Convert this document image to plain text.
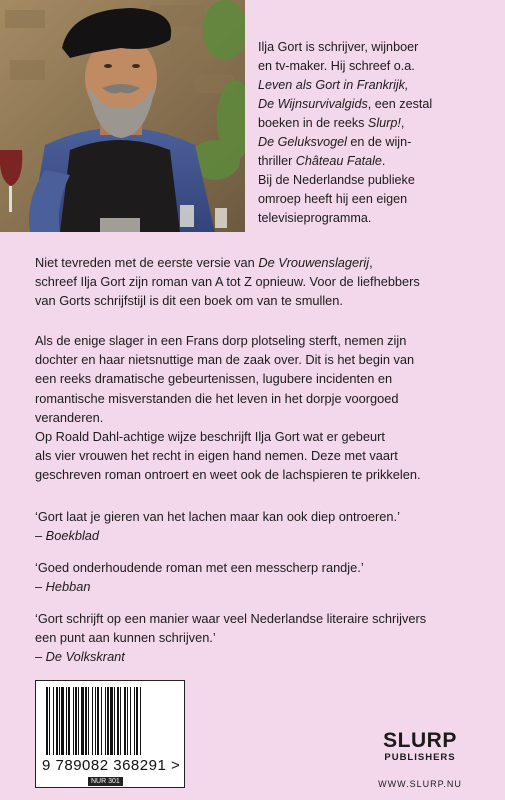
Ilja Gort is schrijver, wijnboer

en tv-maker. Hij schreef o.a.

Leven als Gort in Frankrijk,

De Wijnsurvivalgids, een zestal

boeken in de reeks Slurp!,

De Geluksvogel en de wijn-

thriller Château Fatale.

Bij de Nederlandse publieke

omroep heeft hij een eigen

televisieprogramma.

Niet tevreden met de eerste versie van De Vrouwenslagerij,

schreef Ilja Gort zijn roman van A tot Z opnieuw. Voor de liefhebbers

van Gorts schrijfstijl is dit een boek om van te smullen.

Als de enige slager in een Frans dorp plotseling sterft, nemen zijn

dochter en haar nietsnuttige man de zaak over. Dit is het begin van

een reeks dramatische gebeurtenissen, lugubere incidenten en

romantische misverstanden die het leven in het dorpje voorgoed

veranderen.

Op Roald Dahl-achtige wijze beschrijft Ilja Gort wat er gebeurt

als vier vrouwen het recht in eigen hand nemen. Deze met vaart

geschreven roman ontroert en weet ook de lachspieren te prikkelen.

‘Gort laat je gieren van het lachen maar kan ook diep ontroeren.’
– Boekblad
‘Goed onderhoudende roman met een messcherp randje.’
– Hebban
‘Gort schrijft op een manier waar veel Nederlandse literaire schrijvers
een punt aan kunnen schrijven.’
– De Volkskrant
9 789082 368291 >
NUR 301
SLURP
PUBLISHERS
WWW.SLURP.NU
